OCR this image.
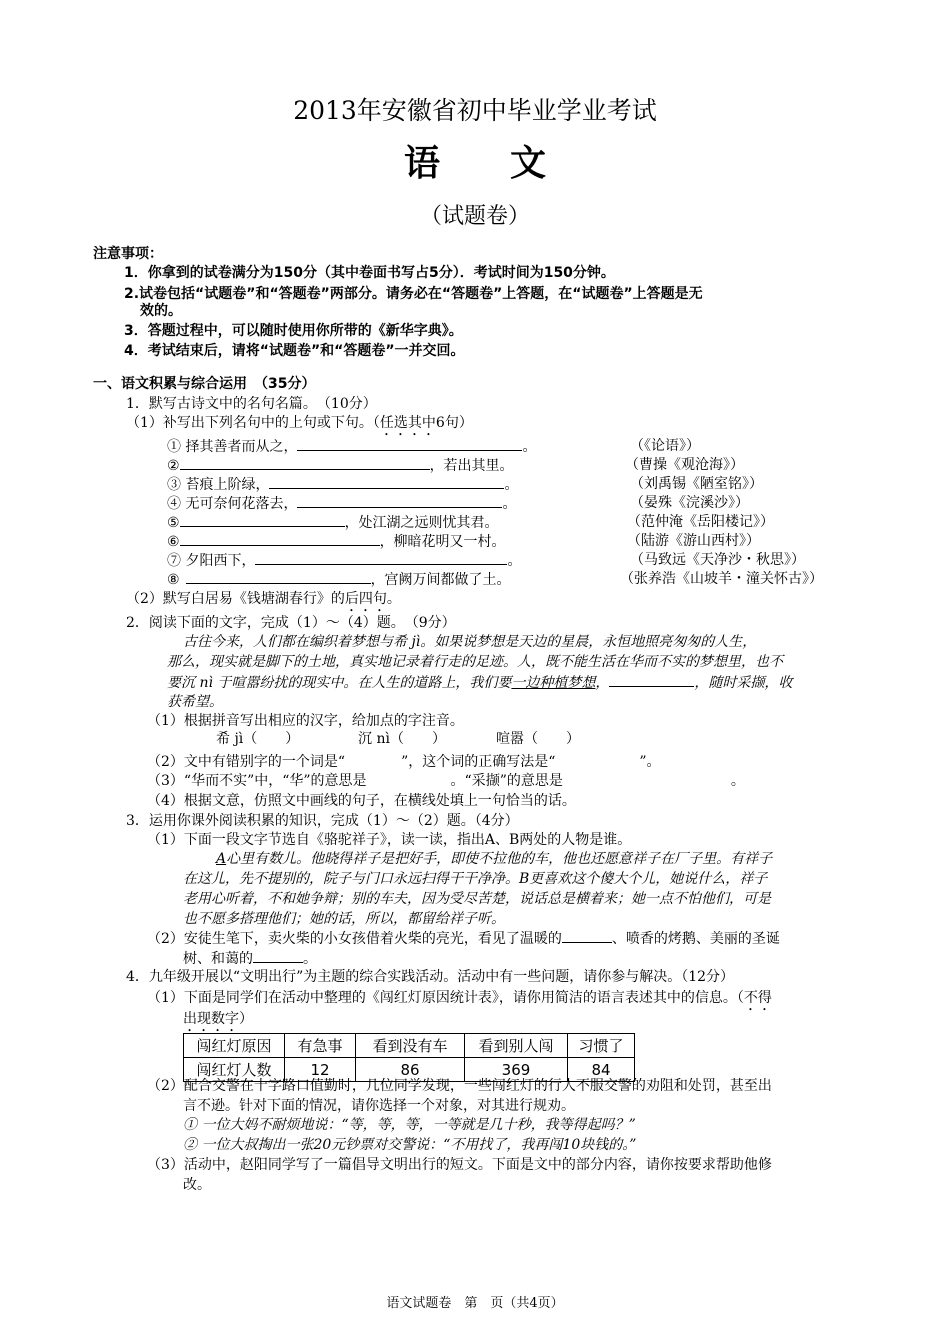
2013年安徽省初中毕业学业考试
语文
（试题卷）
注意事项：
1．你拿到的试卷满分为150分（其中卷面书写占5分）．考试时间为150分钟。
2.试卷包括“试题卷”和“答题卷”两部分。请务必在“答题卷”上答题，在“试题卷”上答题是无
效的。
3．答题过程中，可以随时使用你所带的《新华字典》。
4．考试结束后，请将“试题卷”和“答题卷”一并交回。
一、语文积累与综合运用　（35分）
1．默写古诗文中的名句名篇。　（10分）
（1）补写出下列名句中的上句或下句。（任选其中6句）
① 择其善者而从之，	。	（《论语》）
②	，若出其里。	（曹操《观沧海》）
③ 苔痕上阶绿，	。	（刘禹锡《陋室铭》）
④ 无可奈何花落去，	。	（晏殊《浣溪沙》）
⑤	，处江湖之远则忧其君。	（范仲淹《岳阳楼记》）
⑥	，柳暗花明又一村。	（陆游《游山西村》）
⑦ 夕阳西下，	。	（马致远《天净沙・秋思》）
⑧	，宫阙万间都做了土。	（张养浩《山坡羊・潼关怀古》）
（2）默写白居易《钱塘湖春行》的后四句。
2．阅读下面的文字，完成（1）～（4）题。　（9分）
古往今来，人们都在编织着梦想与希 jì。如果说梦想是天边的星晨，永恒地照亮匆匆的人生，
那么，现实就是脚下的土地，真实地记录着行走的足迹。人，既不能生活在华而不实的梦想里，也不
要沉 nì 于喧嚣纷扰的现实中。在人生的道路上，我们要一边种植梦想，	，随时采撷，收
获希望。
（1）根据拼音写出相应的汉字，给加点的字注音。
希 jì（　　）	沉 nì（　　）	喧嚣（　　）
（2）文中有错别字的一个词是“　　　　”，这个词的正确写法是“　　　　　　”。
（3）“华而不实”中，“华”的意思是　　　　　　。“采撷”的意思是　　　　　　　　　　　　。
（4）根据文意，仿照文中画线的句子，在横线处填上一句恰当的话。
3．运用你课外阅读积累的知识，完成（1）～（2）题。（4分）
（1）下面一段文字节选自《骆驼祥子》，读一读，指出A、B两处的人物是谁。
A心里有数儿。他晓得祥子是把好手，即使不拉他的车，他也还愿意祥子在厂子里。有祥子
在这儿，先不提别的，院子与门口永远扫得干干净净。B更喜欢这个傻大个儿，她说什么，祥子
老用心听着，不和她争辩；别的车夫，因为受尽苦楚，说话总是横着来；她一点不怕他们，可是
也不愿多搭理他们；她的话，所以，都留给祥子听。
（2）安徒生笔下，卖火柴的小女孩借着火柴的亮光，看见了温暖的	、喷香的烤鹅、美丽的圣诞
树、和蔼的	。
4．九年级开展以“文明出行”为主题的综合实践活动。活动中有一些问题，请你参与解决。（12分）
（1）下面是同学们在活动中整理的《闯红灯原因统计表》，请你用简洁的语言表述其中的信息。（不得
出现数字）
闯红灯原因	有急事	看到没有车	看到别人闯	习惯了
闯红灯人数	12	86	369	84
（2）配合交警在十字路口值勤时，几位同学发现，一些闯红灯的行人不服交警的劝阻和处罚，甚至出
言不逊。针对下面的情况，请你选择一个对象，对其进行规劝。
① 一位大妈不耐烦地说：“等，等，等，一等就是几十秒，我等得起吗？”
② 一位大叔掏出一张20元钞票对交警说：“不用找了，我再闯10块钱的。”
（3）活动中，赵阳同学写了一篇倡导文明出行的短文。下面是文中的部分内容，请你按要求帮助他修
改。
语文试题卷　第　页（共4页）
